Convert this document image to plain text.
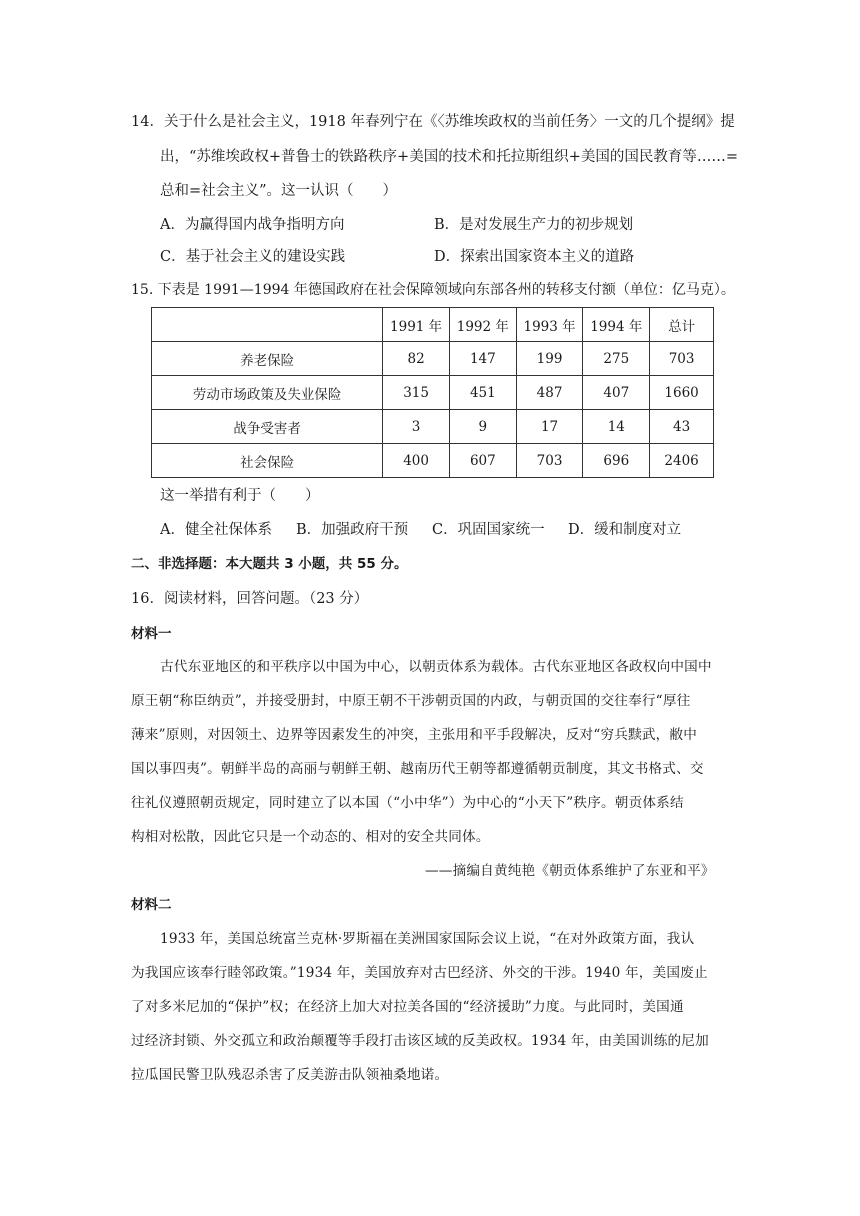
14．关于什么是社会主义，1918 年春列宁在《〈苏维埃政权的当前任务〉一文的几个提纲》提
出，“苏维埃政权+普鲁士的铁路秩序+美国的技术和托拉斯组织+美国的国民教育等……=
总和=社会主义”。这一认识（　　）
A．为赢得国内战争指明方向	B．是对发展生产力的初步规划
C．基于社会主义的建设实践	D．探索出国家资本主义的道路
15. 下表是 1991—1994 年德国政府在社会保障领域向东部各州的转移支付额（单位：亿马克）。
	1991 年	1992 年	1993 年	1994 年	总计
养老保险	82	147	199	275	703
劳动市场政策及失业保险	315	451	487	407	1660
战争受害者	3	9	17	14	43
社会保险	400	607	703	696	2406
这一举措有利于（　　）
A．健全社保体系 B．加强政府干预 C．巩固国家统一 D．缓和制度对立
二、非选择题：本大题共 3 小题，共 55 分。
16．阅读材料，回答问题。（23 分）
材料一
古代东亚地区的和平秩序以中国为中心，以朝贡体系为载体。古代东亚地区各政权向中国中
原王朝“称臣纳贡”，并接受册封，中原王朝不干涉朝贡国的内政，与朝贡国的交往奉行“厚往
薄来”原则，对因领土、边界等因素发生的冲突，主张用和平手段解决，反对“穷兵黩武，敝中
国以事四夷”。朝鲜半岛的高丽与朝鲜王朝、越南历代王朝等都遵循朝贡制度，其文书格式、交
往礼仪遵照朝贡规定，同时建立了以本国（“小中华”）为中心的“小天下”秩序。朝贡体系结
构相对松散，因此它只是一个动态的、相对的安全共同体。
——摘编自黄纯艳《朝贡体系维护了东亚和平》
材料二
1933 年，美国总统富兰克林·罗斯福在美洲国家国际会议上说，“在对外政策方面，我认
为我国应该奉行睦邻政策。”1934 年，美国放弃对古巴经济、外交的干涉。1940 年，美国废止
了对多米尼加的“保护”权；在经济上加大对拉美各国的“经济援助”力度。与此同时，美国通
过经济封锁、外交孤立和政治颠覆等手段打击该区域的反美政权。1934 年，由美国训练的尼加
拉瓜国民警卫队残忍杀害了反美游击队领袖桑地诺。
